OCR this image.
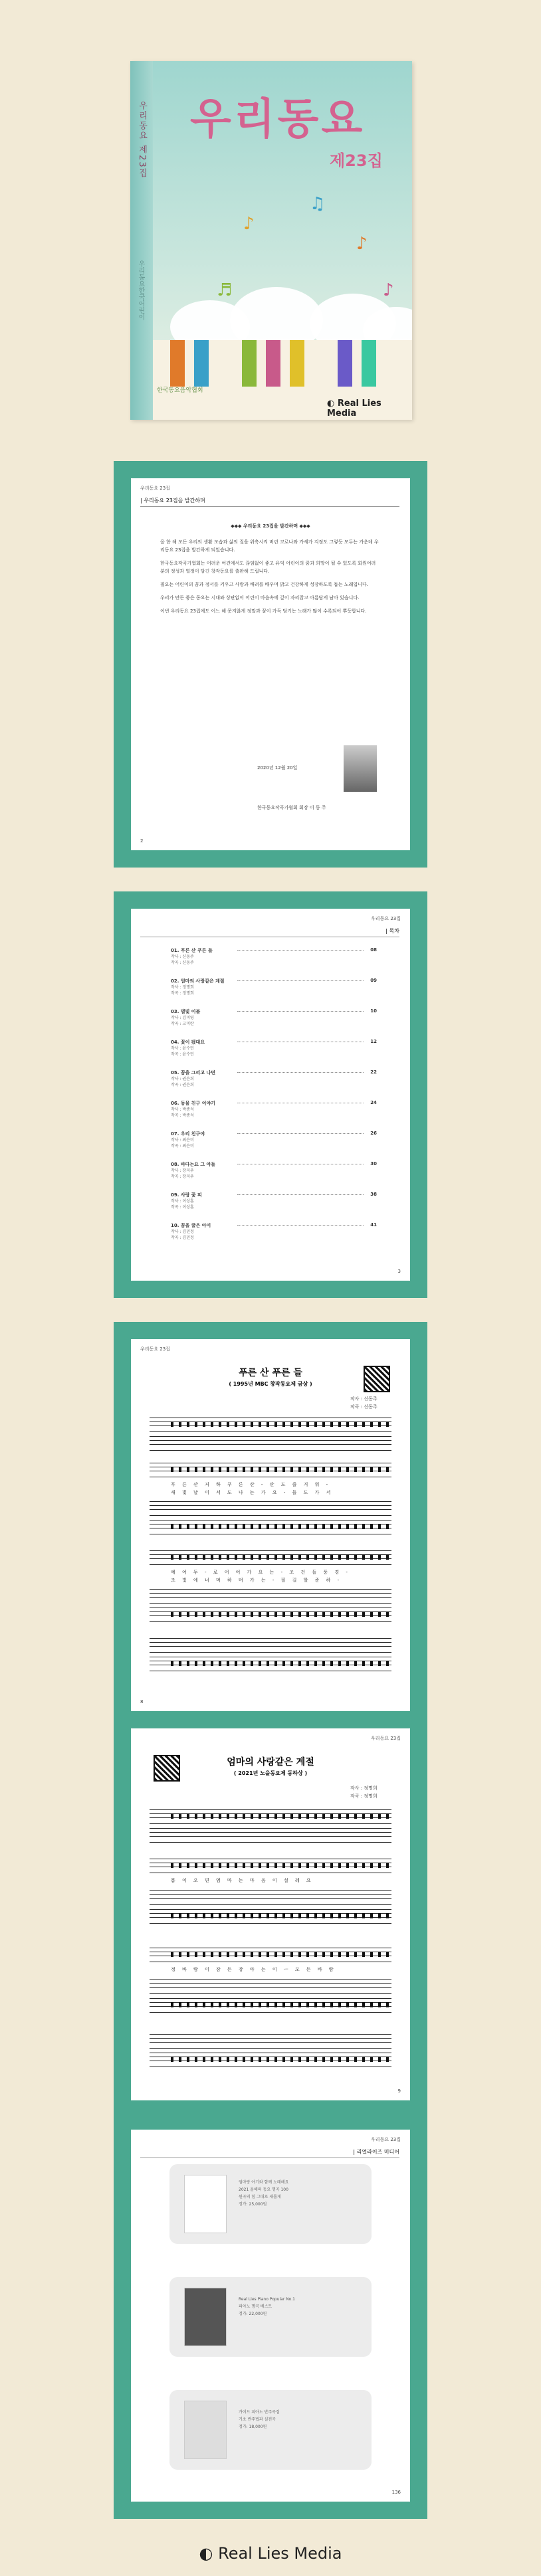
우리동요 제23집
우리동요한국어린이
우리동요
제23집
♪
♫
♪
♬	♪
한국동요음악협회
◐ Real Lies Media
우리동요 23집
| 우리동요 23집을 발간하며
◆◆◆ 우리동요 23집을 발간하며 ◆◆◆

올 한 해 모든 우리의 생활 모습과 삶의 질을 위축시켜 버린 코로나와 가세가 걱정도 그렇듯 모두는 가운데 우리동요 23집을 발간하게 되었습니다.

한국동요작곡가협회는 어려운 여건에서도 끊임없이 좋고 유익 어린이의 꿈과 희망이 될 수 있도록 회원여러분의 정성과 열정이 담긴 창작동요를 출판해 드립니다.

필요는 어린이의 꿈과 정서를 키우고 사랑과 배려를 배우며 밝고 건강하게 성장하도록 돕는 노래입니다.

우리가 만든 좋은 동요는 시대와 상관없이 어린이 마음속에 깊이 자리잡고 아름답게 남아 있습니다.

이번 우리동요 23집에도 어느 해 못지않게 정말과 꿈이 가득 담기는 노래가 많이 수록되어 뿌듯합니다.

2020년 12월 20일
한국동요작곡가협회 회장 이 동 주
2
우리동요 23집
| 목차
01. 푸른 산 푸른 들	08
작사 : 신동주
작곡 : 신동주
02. 엄마의 사랑같은 계절	09
작사 : 정명희
작곡 : 정명희
03. 별빛 이불	10
작사 : 김미영
작곡 : 고미란
04. 꽃이 됐대요	12
작사 : 윤수민
작곡 : 윤수민
05. 꿈을 그리고 나면	22
작사 : 권은희
작곡 : 권은희
06. 동물 친구 이야기	24
작사 : 박종석
작곡 : 박종석
07. 우리 친구야	26
작사 : 최은미
작곡 : 최은미
08. 바다는요 그 아들	30
작사 : 장지우
작곡 : 장지우
09. 사랑 꽃 피	38
작사 : 이상훈
작곡 : 이상훈
10. 꿈을 꿀은 아이	41
작사 : 김민정
작곡 : 김민정
3
우리동요 23집
푸른 산 푸른 들
( 1995년 MBC 창작동요제 금상 )
작사 : 신동주
작곡 : 신동주
푸 른 산 저 하 푸 른 산 - 산 도 즐 거 워 -
새 빛 날 이 서 도 나 는 가 요 - 들 도 가 서
예 어 두 - 로 어 어 가 요 는 - 조 건 들 풍 경 -
조 빛 에 너 머 하 며 가 는 - 필 길 할 준 하 -
8
우리동요 23집
엄마의 사랑같은 계절
( 2021년 노을동요제 동하상 )
작사 : 정명희
작곡 : 정명희
봄 이 오 면 엄 마 는 마 음 이 설 레 요
정 바 람 이 잠 든 장 아 는 이 ㅡ 모 든 바 람
9
우리동요 23집
| 리얼라이즈 미디어
엄마랑 아기와 함께 노래해요
2021 올해의 동요 명곡 100
원곡의 힘 그대로 새롭게
정가: 25,000원
Real Lies Piano Popular No.1
피아노 명곡 베스트
정가: 22,000원
가이드 피아노 반주곡집
기초 반주법과 실전곡
정가: 18,000원
136
◐ Real Lies Media
